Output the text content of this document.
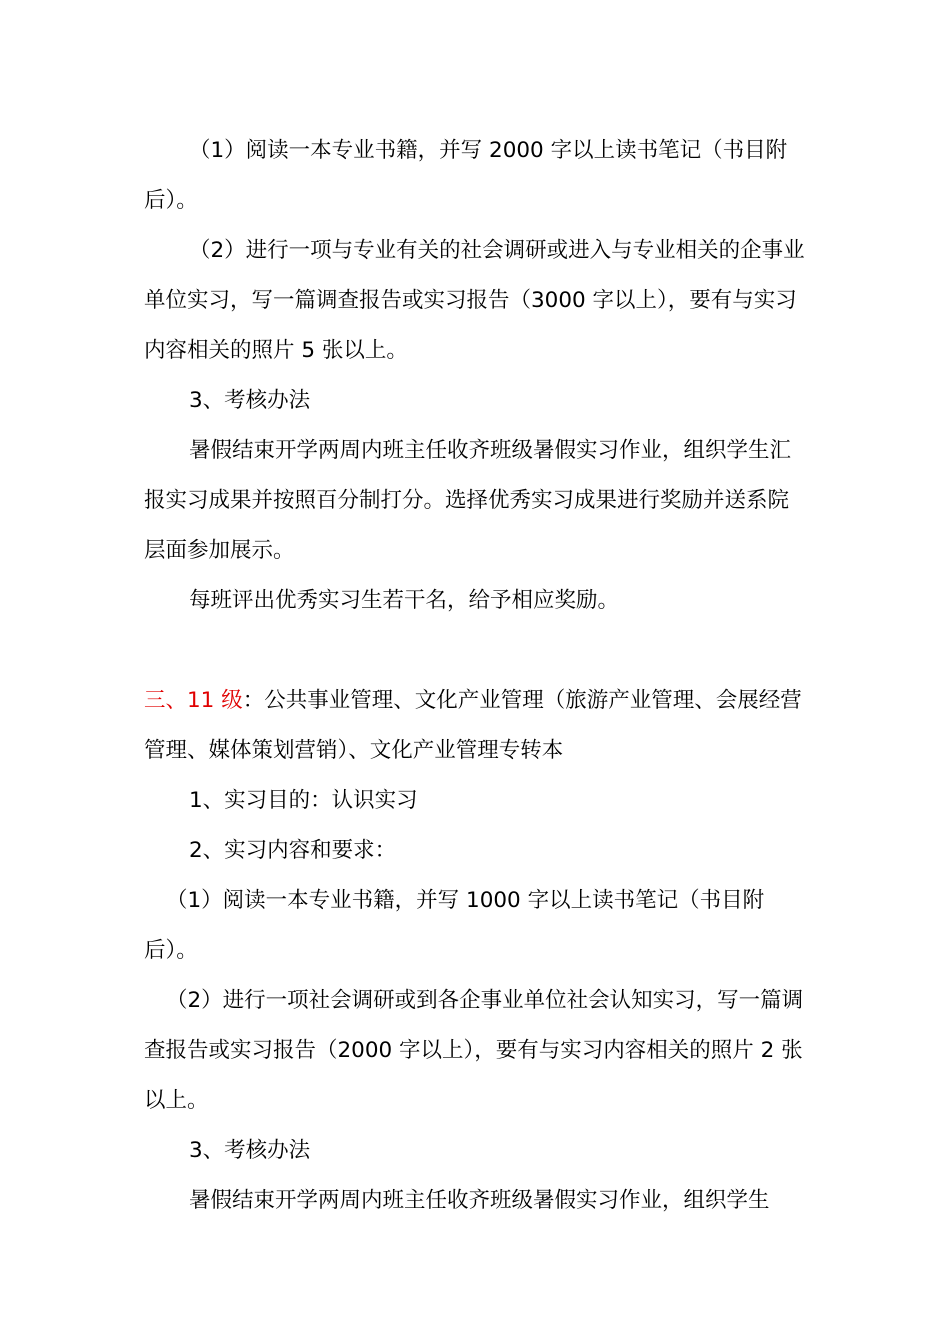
（1）阅读一本专业书籍，并写 2000 字以上读书笔记（书目附后）。

（2）进行一项与专业有关的社会调研或进入与专业相关的企事业单位实习，写一篇调查报告或实习报告（3000 字以上），要有与实习内容相关的照片 5 张以上。

3、考核办法

暑假结束开学两周内班主任收齐班级暑假实习作业，组织学生汇报实习成果并按照百分制打分。选择优秀实习成果进行奖励并送系院层面参加展示。

每班评出优秀实习生若干名，给予相应奖励。

三、11 级：公共事业管理、文化产业管理（旅游产业管理、会展经营管理、媒体策划营销）、文化产业管理专转本

1、实习目的：认识实习

2、实习内容和要求：

（1）阅读一本专业书籍，并写 1000 字以上读书笔记（书目附后）。

（2）进行一项社会调研或到各企事业单位社会认知实习，写一篇调查报告或实习报告（2000 字以上），要有与实习内容相关的照片 2 张以上。

3、考核办法

暑假结束开学两周内班主任收齐班级暑假实习作业，组织学生
